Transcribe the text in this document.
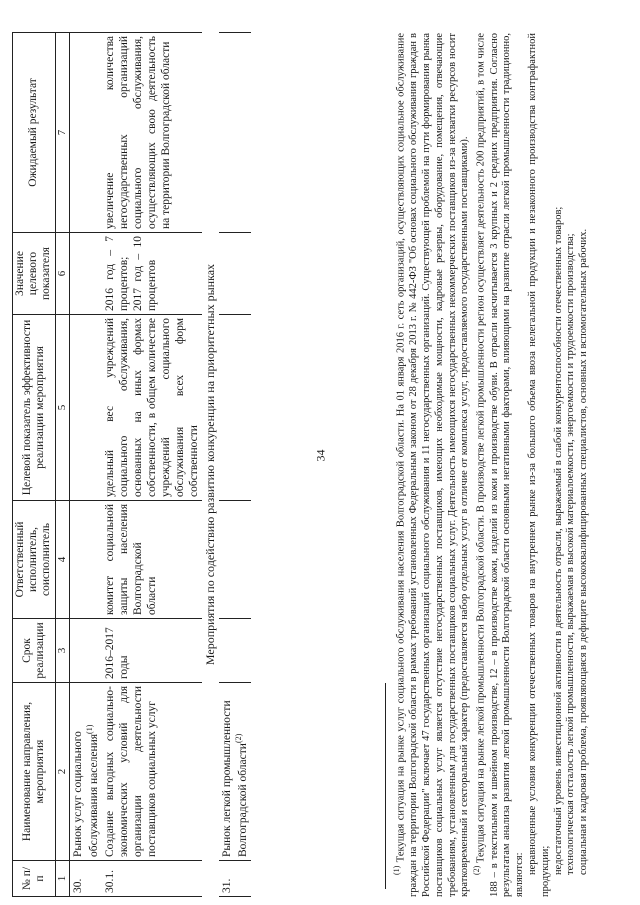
34
№ п/п	Наименование направления, мероприятия	Срок реализации	Ответственный исполнитель, соисполнитель	Целевой показатель эффективности реализации мероприятия	Значение целевого показателя	Ожидаемый результат
1	2	3	4	5	6	7
30.	Рынок услуг социального обслуживания населения$^{(1)}$					
30.1.	Создание выгодных социально-экономических условий для организации деятельности поставщиков социальных услуг	2016–2017 годы	комитет социальной защиты населения Волгоградской области	удельный вес учреждений социального обслуживания, основанных на иных формах собственности, в общем количестве учреждений социального обслуживания всех форм собственности	2016 год – 7 процентов; 2017 год – 10 процентов	увеличение количества негосударственных организаций социального обслуживания, осуществляющих свою деятельность на территории Волгоградской области
Мероприятия по содействию развитию конкуренции на приоритетных рынках						
31.	Рынок легкой промышленности Волгоградской области$^{(2)}$					

$^{(1)}$ Текущая ситуация на рынке услуг социального обслуживания населения Волгоградской области. На 01 января 2016 г. сеть организаций, осуществляющих социальное обслуживание граждан на территории Волгоградской области в рамках требований установленных Федеральным законом от 28 декабря 2013 г. № 442-ФЗ "Об основах социального обслуживания граждан в Российской Федерации" включает 47 государственных организаций социального обслуживания и 11 негосударственных организаций. Существующей проблемой на пути формирования рынка поставщиков социальных услуг является отсутствие негосударственных поставщиков, имеющих необходимые мощности, кадровые резервы, оборудование, помещения, отвечающие требованиям, установленным для государственных поставщиков социальных услуг. Деятельность имеющихся негосударственных некоммерческих поставщиков из-за нехватки ресурсов носит кратковременный и секторальный характер (предоставляется набор отдельных услуг в отличие от комплекса услуг, предоставляемого государственными поставщиками). $^{(2)}$ Текущая ситуация на рынке легкой промышленности Волгоградской области. В производстве легкой промышленности регион осуществляет деятельность 200 предприятий, в том числе 188 – в текстильном и швейном производстве, 12 – в производстве кожи, изделий из кожи и производстве обуви. В отрасли насчитывается 3 крупных и 2 средних предприятия. Согласно результатам анализа развития легкой промышленности Волгоградской области основными негативными факторами, влияющими на развитие отрасли легкой промышленности традиционно, являются: неравноценные условия конкуренции отечественных товаров на внутреннем рынке из-за большого объема ввоза нелегальной продукции и незаконного производства контрафактной продукции; недостаточный уровень инвестиционной активности в деятельность отрасли, выражаемый в слабой конкурентоспособности отечественных товаров; технологическая отсталость легкой промышленности, выражаемая в высокой материалоемкости, энергоемкости и трудоемкости производства; социальная и кадровая проблема, проявляющаяся в дефиците высококвалифицированных специалистов, основных и вспомогательных рабочих.
